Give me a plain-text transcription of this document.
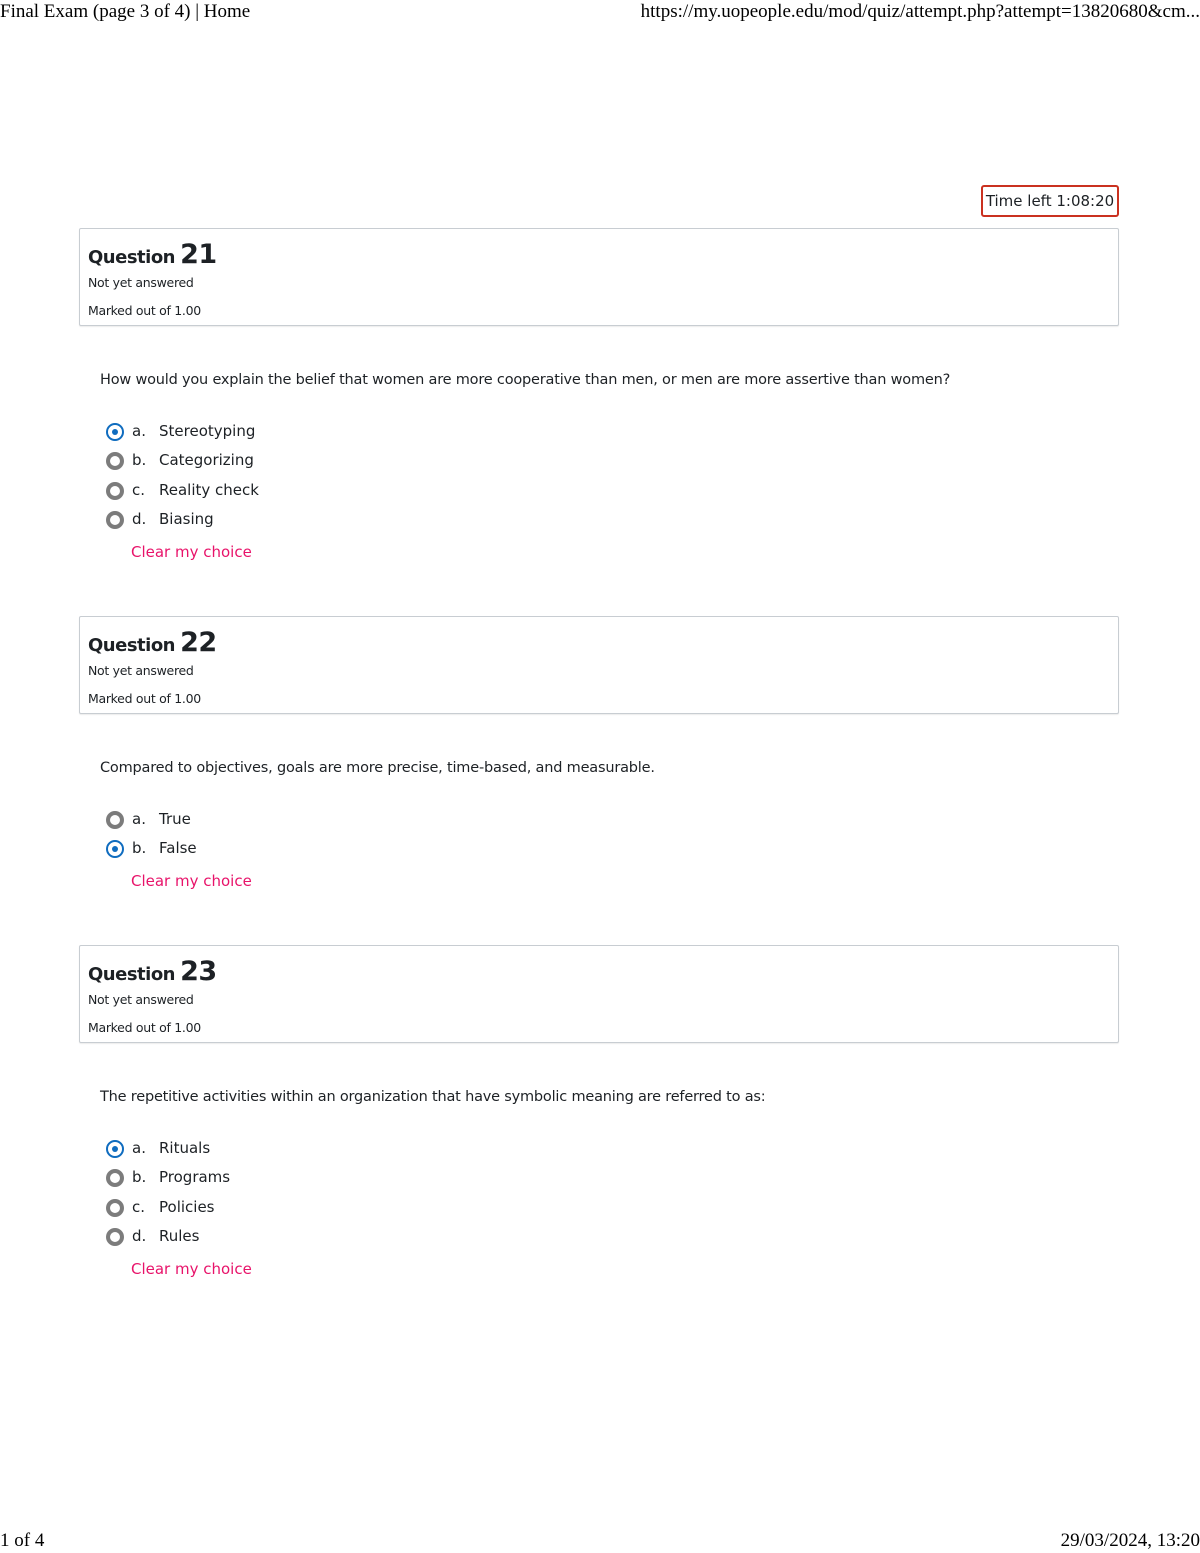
Final Exam (page 3 of 4) | Home	https://my.uopeople.edu/mod/quiz/attempt.php?attempt=13820680&cm...
Time left 1:08:20
Question 21
Not yet answered
Marked out of 1.00
How would you explain the belief that women are more cooperative than men, or men are more assertive than women?
a. Stereotyping
b. Categorizing
c. Reality check
d. Biasing
Clear my choice
Question 22
Not yet answered
Marked out of 1.00
Compared to objectives, goals are more precise, time-based, and measurable.
a. True
b. False
Clear my choice
Question 23
Not yet answered
Marked out of 1.00
The repetitive activities within an organization that have symbolic meaning are referred to as:
a. Rituals
b. Programs
c. Policies
d. Rules
Clear my choice
1 of 4	29/03/2024, 13:20
